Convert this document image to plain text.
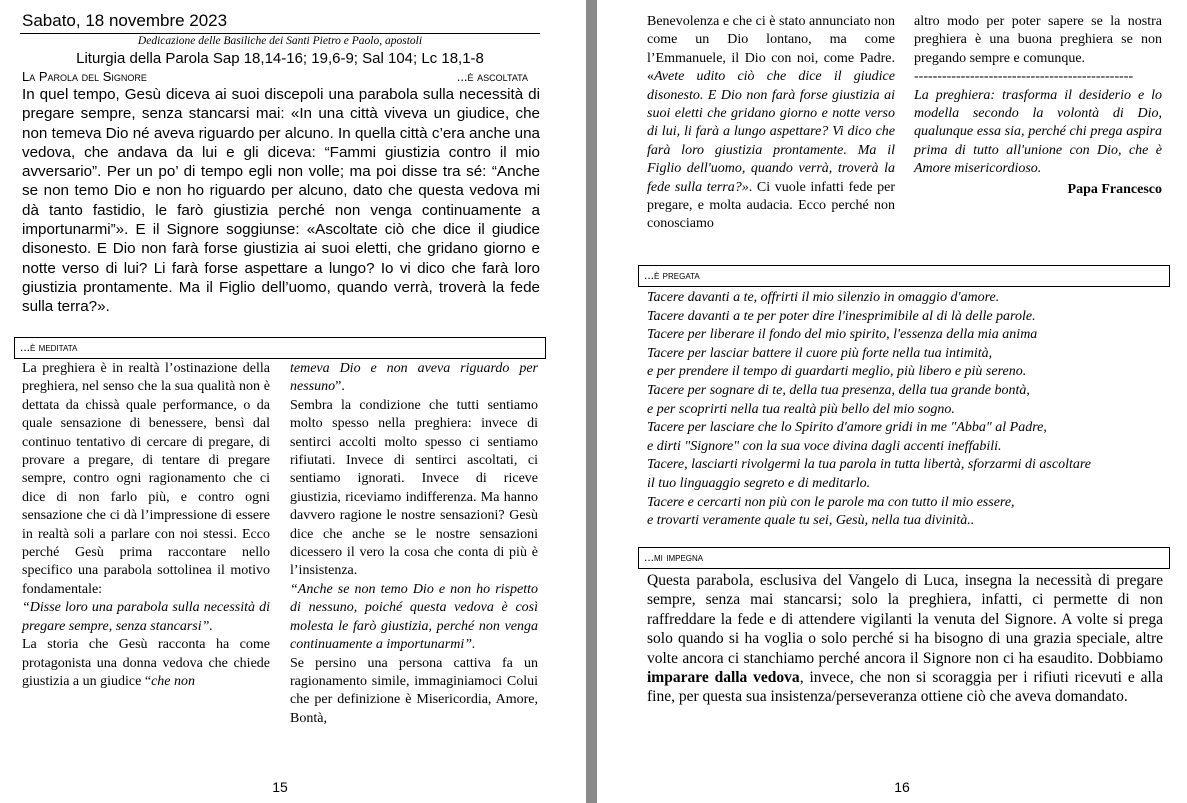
Sabato, 18 novembre 2023
Dedicazione delle Basiliche dei Santi Pietro e Paolo, apostoli
Liturgia della Parola Sap 18,14-16; 19,6-9; Sal 104; Lc 18,1-8
La Parola del Signore	...è ascoltata
In quel tempo, Gesù diceva ai suoi discepoli una parabola sulla necessità di pregare sempre, senza stancarsi mai: «In una città viveva un giudice, che non temeva Dio né aveva riguardo per alcuno. In quella città c’era anche una vedova, che andava da lui e gli diceva: “Fammi giustizia contro il mio avversario”. Per un po’ di tempo egli non volle; ma poi disse tra sé: “Anche se non temo Dio e non ho riguardo per alcuno, dato che questa vedova mi dà tanto fastidio, le farò giustizia perché non venga continuamente a importunarmi”». E il Signore soggiunse: «Ascoltate ciò che dice il giudice disonesto. E Dio non farà forse giustizia ai suoi eletti, che gridano giorno e notte verso di lui? Li farà forse aspettare a lungo? Io vi dico che farà loro giustizia prontamente. Ma il Figlio dell’uomo, quando verrà, troverà la fede sulla terra?».
...è meditata

La preghiera è in realtà l’ostinazione della preghiera, nel senso che la sua qualità non è dettata da chissà quale performance, o da quale sensazione di benessere, bensì dal continuo tentativo di cercare di pregare, di provare a pregare, di tentare di pregare sempre, contro ogni ragionamento che ci dice di non farlo più, e contro ogni sensazione che ci dà l’impressione di essere in realtà soli a parlare con noi stessi. Ecco perché Gesù prima raccontare nello specifico una parabola sottolinea il motivo fondamentale:

“Disse loro una parabola sulla necessità di pregare sempre, senza stancarsi”.

La storia che Gesù racconta ha come protagonista una donna vedova che chiede giustizia a un giudice “che non

temeva Dio e non aveva riguardo per nessuno”.

Sembra la condizione che tutti sentiamo molto spesso nella preghiera: invece di sentirci accolti molto spesso ci sentiamo rifiutati. Invece di sentirci ascoltati, ci sentiamo ignorati. Invece di riceve giustizia, riceviamo indifferenza. Ma hanno davvero ragione le nostre sensazioni? Gesù dice che anche se le nostre sensazioni dicessero il vero la cosa che conta di più è l’insistenza.

“Anche se non temo Dio e non ho rispetto di nessuno, poiché questa vedova è così molesta le farò giustizia, perché non venga continuamente a importunarmi”.

Se persino una persona cattiva fa un ragionamento simile, immaginiamoci Colui che per definizione è Misericordia, Amore, Bontà,

15

Benevolenza e che ci è stato annunciato non come un Dio lontano, ma come l’Emmanuele, il Dio con noi, come Padre. «Avete udito ciò che dice il giudice disonesto. E Dio non farà forse giustizia ai suoi eletti che gridano giorno e notte verso di lui, li farà a lungo aspettare? Vi dico che farà loro giustizia prontamente. Ma il Figlio dell'uomo, quando verrà, troverà la fede sulla terra?». Ci vuole infatti fede per pregare, e molta audacia. Ecco perché non conosciamo

altro modo per poter sapere se la nostra preghiera è una buona preghiera se non pregando sempre e comunque.

-----------------------------------------------

La preghiera: trasforma il desiderio e lo modella secondo la volontà di Dio, qualunque essa sia, perché chi prega aspira prima di tutto all'unione con Dio, che è Amore misericordioso.

Papa Francesco

...è pregata
Tacere davanti a te, offrirti il mio silenzio in omaggio d'amore.
Tacere davanti a te per poter dire l'inesprimibile al di là delle parole.
Tacere per liberare il fondo del mio spirito, l'essenza della mia anima
Tacere per lasciar battere il cuore più forte nella tua intimità,
e per prendere il tempo di guardarti meglio, più libero e più sereno.
Tacere per sognare di te, della tua presenza, della tua grande bontà,
e per scoprirti nella tua realtà più bello del mio sogno.
Tacere per lasciare che lo Spirito d'amore gridi in me "Abba" al Padre,
e dirti "Signore" con la sua voce divina dagli accenti ineffabili.
Tacere, lasciarti rivolgermi la tua parola in tutta libertà, sforzarmi di ascoltare
il tuo linguaggio segreto e di meditarlo.
Tacere e cercarti non più con le parole ma con tutto il mio essere,
e trovarti veramente quale tu sei, Gesù, nella tua divinità..
...mi impegna
Questa parabola, esclusiva del Vangelo di Luca, insegna la necessità di pregare sempre, senza mai stancarsi; solo la preghiera, infatti, ci permette di non raffreddare la fede e di attendere vigilanti la venuta del Signore. A volte si prega solo quando si ha voglia o solo perché si ha bisogno di una grazia speciale, altre volte ancora ci stanchiamo perché ancora il Signore non ci ha esaudito. Dobbiamo imparare dalla vedova, invece, che non si scoraggia per i rifiuti ricevuti e alla fine, per questa sua insistenza/perseveranza ottiene ciò che aveva domandato.
16
